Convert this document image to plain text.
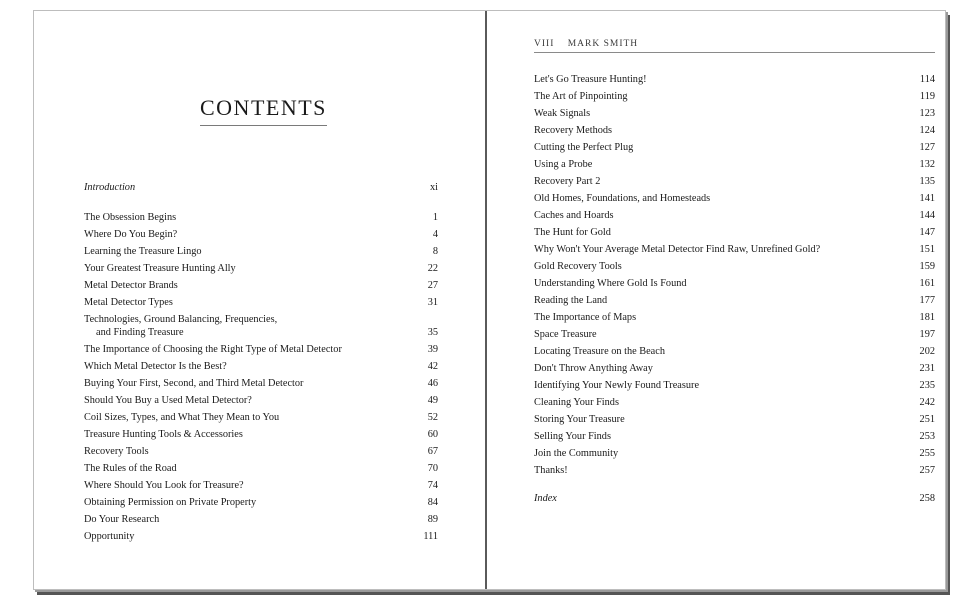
CONTENTS
Introduction	xi
The Obsession Begins	1
Where Do You Begin?	4
Learning the Treasure Lingo	8
Your Greatest Treasure Hunting Ally	22
Metal Detector Brands	27
Metal Detector Types	31
Technologies, Ground Balancing, Frequencies,
and Finding Treasure	35
The Importance of Choosing the Right Type of Metal Detector	39
Which Metal Detector Is the Best?	42
Buying Your First, Second, and Third Metal Detector	46
Should You Buy a Used Metal Detector?	49
Coil Sizes, Types, and What They Mean to You	52
Treasure Hunting Tools & Accessories	60
Recovery Tools	67
The Rules of the Road	70
Where Should You Look for Treasure?	74
Obtaining Permission on Private Property	84
Do Your Research	89
Opportunity	111
VIII MARK SMITH
Let's Go Treasure Hunting!	114
The Art of Pinpointing	119
Weak Signals	123
Recovery Methods	124
Cutting the Perfect Plug	127
Using a Probe	132
Recovery Part 2	135
Old Homes, Foundations, and Homesteads	141
Caches and Hoards	144
The Hunt for Gold	147
Why Won't Your Average Metal Detector Find Raw, Unrefined Gold?	151
Gold Recovery Tools	159
Understanding Where Gold Is Found	161
Reading the Land	177
The Importance of Maps	181
Space Treasure	197
Locating Treasure on the Beach	202
Don't Throw Anything Away	231
Identifying Your Newly Found Treasure	235
Cleaning Your Finds	242
Storing Your Treasure	251
Selling Your Finds	253
Join the Community	255
Thanks!	257
Index	258
